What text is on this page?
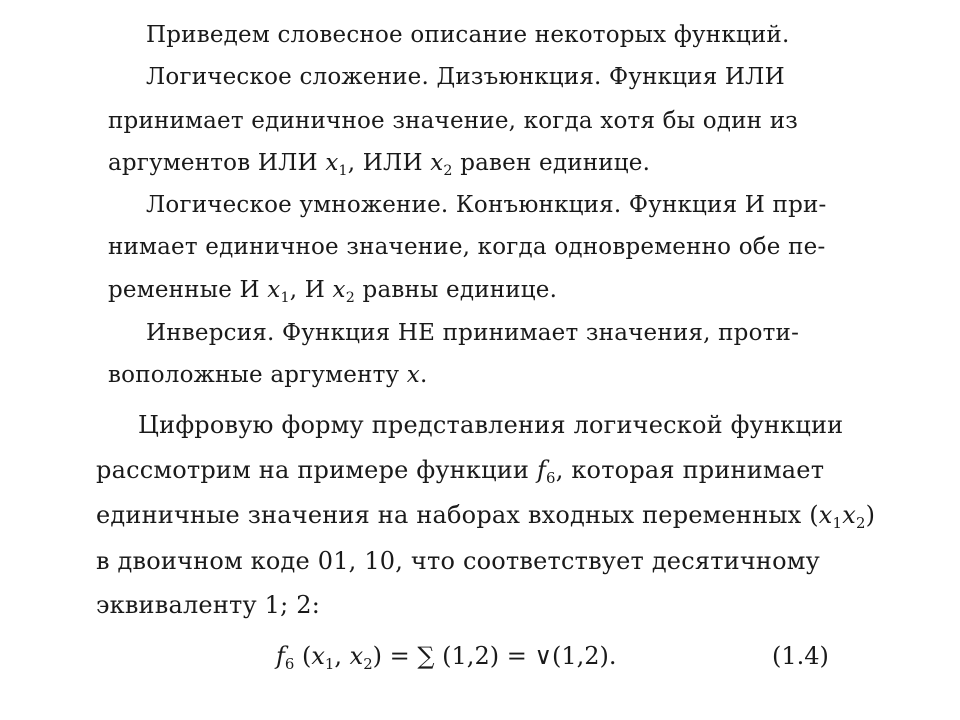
Приведем словесное описание некоторых функций.
Логическое сложение. Дизъюнкция. Функция ИЛИ
принимает единичное значение, когда хотя бы один из
аргументов ИЛИ $x_1$, ИЛИ $x_2$ равен единице.
Логическое умножение. Конъюнкция. Функция И при-
нимает единичное значение, когда одновременно обе пе-
ременные И $x_1$, И $x_2$ равны единице.
Инверсия. Функция НЕ принимает значения, проти-
воположные аргументу x.
Цифровую форму представления логической функции
рассмотрим на примере функции $f_6$, которая принимает
единичные значения на наборах входных переменных $(x_1x_2)$
в двоичном коде 01, 10, что соответствует десятичному
эквиваленту 1; 2:
$f_6$ ($x_1$, $x_2$) = ∑ (1,2) = ∨(1,2).	(1.4)
